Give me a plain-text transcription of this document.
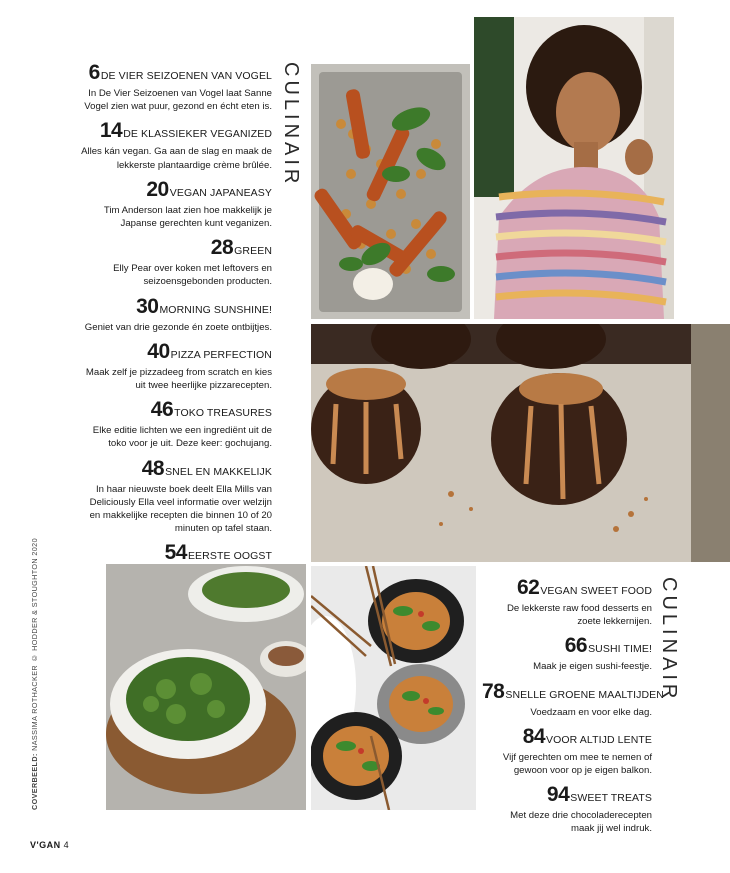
6DE VIER SEIZOENEN VAN VOGEL
In De Vier Seizoenen van Vogel laat Sanne
Vogel zien wat puur, gezond en écht eten is.
14DE KLASSIEKER VEGANIZED
Alles kán vegan. Ga aan de slag en maak de
lekkerste plantaardige crème brûlée.
20VEGAN JAPANEASY
Tim Anderson laat zien hoe makkelijk je
Japanse gerechten kunt veganizen.
28GREEN
Elly Pear over koken met leftovers en
seizoensgebonden producten.
30MORNING SUNSHINE!
Geniet van drie gezonde én zoete ontbijtjes.
40PIZZA PERFECTION
Maak zelf je pizzadeeg from scratch en kies
uit twee heerlijke pizzarecepten.
46TOKO TREASURES
Elke editie lichten we een ingrediënt uit de
toko voor je uit. Deze keer: gochujang.
48SNEL EN MAKKELIJK
In haar nieuwste boek deelt Ella Mills van
Deliciously Ella veel informatie over welzijn
en makkelijke recepten die binnen 10 of 20
minuten op tafel staan.
54EERSTE OOGST
CULINAIR
62VEGAN SWEET FOOD
De lekkerste raw food desserts en
zoete lekkernijen.
66SUSHI TIME!
Maak je eigen sushi-feestje.
78SNELLE GROENE MAALTIJDEN
Voedzaam en voor elke dag.
84VOOR ALTIJD LENTE
Vijf gerechten om mee te nemen of
gewoon voor op je eigen balkon.
94SWEET TREATS
Met deze drie chocoladerecepten
maak jij wel indruk.
CULINAIR
COVERBEELD: NASSIMA ROTHACKER © HODDER & STOUGHTON 2020
V'GAN 4
